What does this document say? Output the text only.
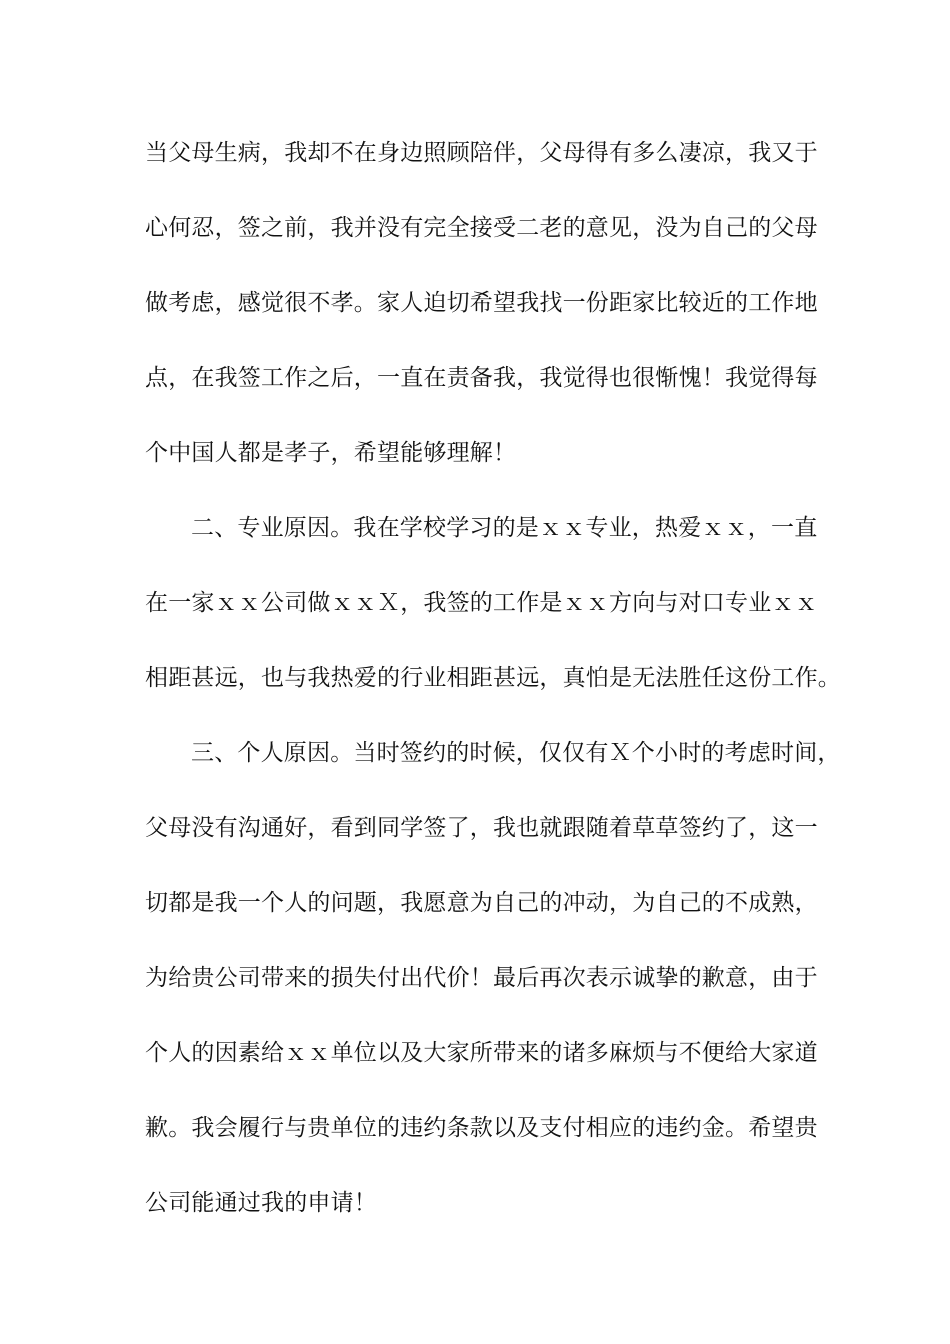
当父母生病，我却不在身边照顾陪伴，父母得有多么凄凉，我又于
心何忍，签之前，我并没有完全接受二老的意见，没为自己的父母
做考虑，感觉很不孝。家人迫切希望我找一份距家比较近的工作地
点，在我签工作之后，一直在责备我，我觉得也很惭愧！我觉得每
个中国人都是孝子，希望能够理解！
二、专业原因。我在学校学习的是ｘｘ专业，热爱ｘｘ，一直
在一家ｘｘ公司做ｘｘＸ，我签的工作是ｘｘ方向与对口专业ｘｘ
相距甚远，也与我热爱的行业相距甚远，真怕是无法胜任这份工作。
三、个人原因。当时签约的时候，仅仅有Ｘ个小时的考虑时间，
父母没有沟通好，看到同学签了，我也就跟随着草草签约了，这一
切都是我一个人的问题，我愿意为自己的冲动，为自己的不成熟，
为给贵公司带来的损失付出代价！最后再次表示诚挚的歉意，由于
个人的因素给ｘｘ单位以及大家所带来的诸多麻烦与不便给大家道
歉。我会履行与贵单位的违约条款以及支付相应的违约金。希望贵
公司能通过我的申请！
